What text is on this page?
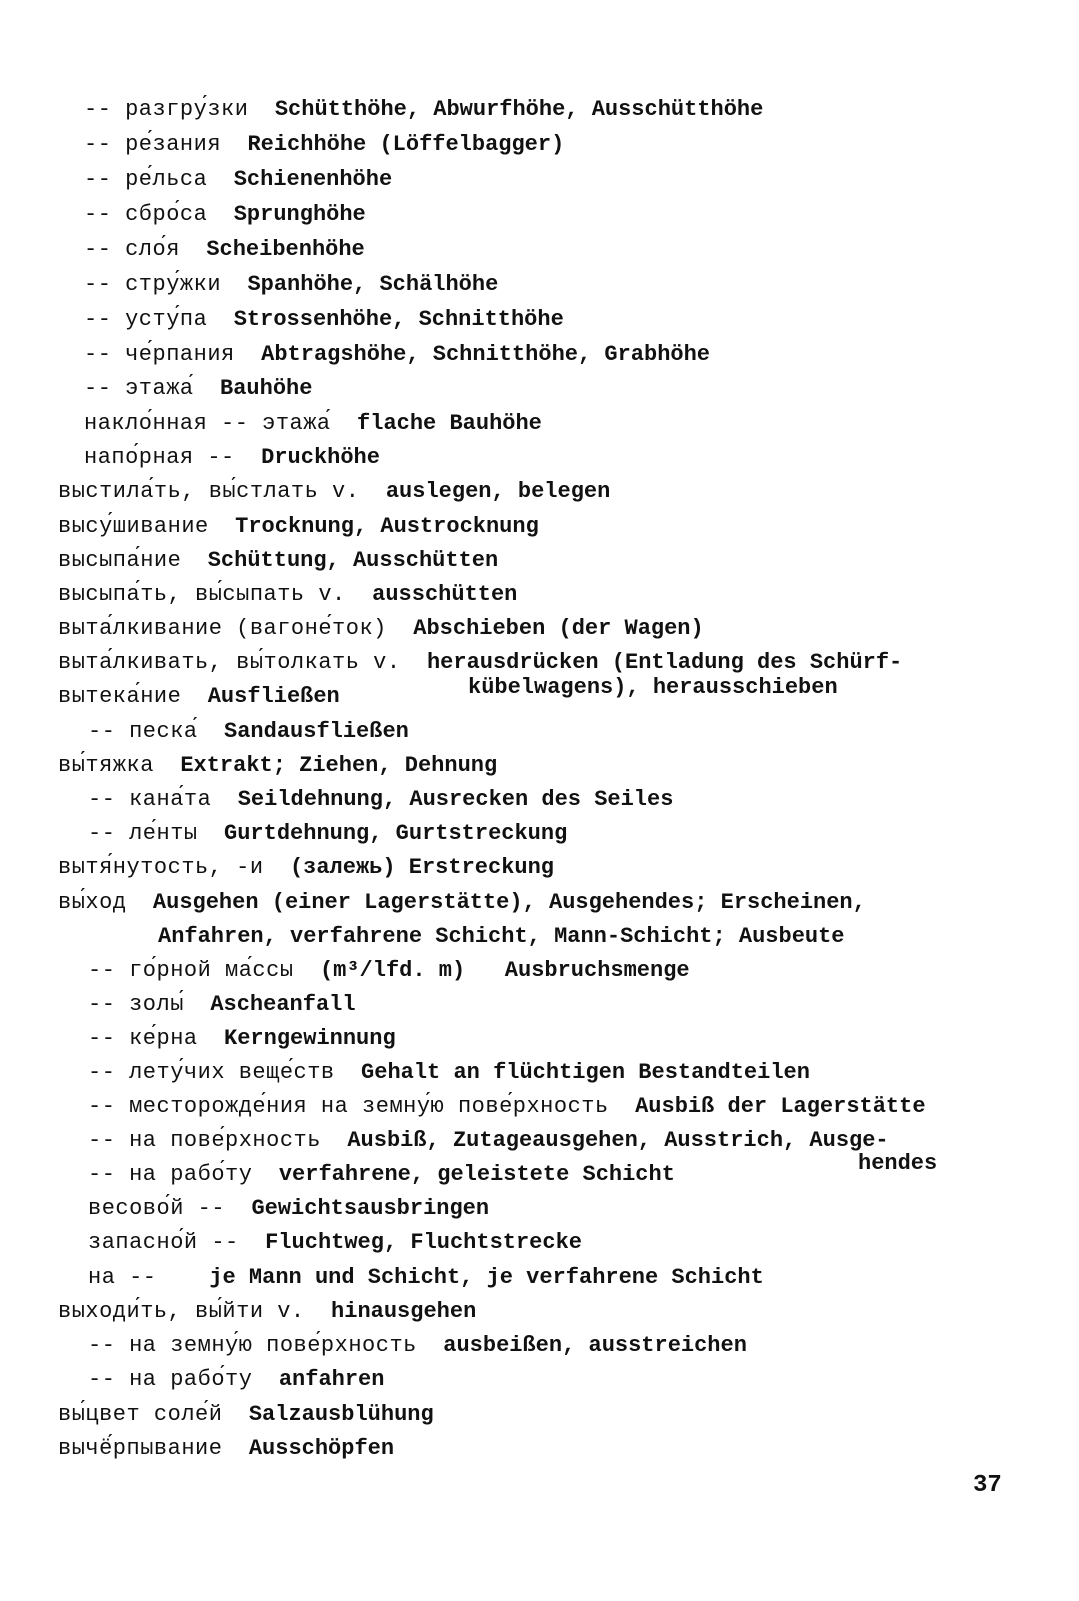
-- разгру́зки Schütthöhe, Abwurfhöhe, Ausschütthöhe
-- ре́зания Reichhöhe (Löffelbagger)
-- ре́льса Schienenhöhe
-- сбро́са Sprunghöhe
-- сло́я Scheibenhöhe
-- стру́жки Spanhöhe, Schälhöhe
-- усту́па Strossenhöhe, Schnitthöhe
-- че́рпания Abtragshöhe, Schnitthöhe, Grabhöhe
-- этажа́ Bauhöhe
накло́нная -- этажа́ flache Bauhöhe
напо́рная -- Druckhöhe
выстила́ть, вы́стлать v. auslegen, belegen
высу́шивание Trocknung, Austrocknung
высыпа́ние Schüttung, Ausschütten
высыпа́ть, вы́сыпать v. ausschütten
выта́лкивание (вагоне́ток) Abschieben (der Wagen)
выта́лкивать, вы́толкать v. herausdrücken (Entladung des Schürf-
вытека́ние Ausfließen	kübelwagens), herausschieben
-- песка́ Sandausfließen
вы́тяжка Extrakt; Ziehen, Dehnung
-- кана́та Seildehnung, Ausrecken des Seiles
-- ле́нты Gurtdehnung, Gurtstreckung
вытя́нутость, -и (залежь) Erstreckung
вы́ход Ausgehen (einer Lagerstätte), Ausgehendes; Erscheinen,
Anfahren, verfahrene Schicht, Mann-Schicht; Ausbeute
-- го́рной ма́ссы (m³/lfd. m)   Ausbruchsmenge
-- золы́ Ascheanfall
-- ке́рна Kerngewinnung
-- лету́чих веще́ств Gehalt an flüchtigen Bestandteilen
-- месторожде́ния на земну́ю пове́рхность Ausbiß der Lagerstätte
-- на пове́рхность Ausbiß, Zutageausgehen, Ausstrich, Ausge-
-- на рабо́ту verfahrene, geleistete Schicht	hendes
весово́й -- Gewichtsausbringen
запасно́й -- Fluchtweg, Fluchtstrecke
на -- je Mann und Schicht, je verfahrene Schicht
выходи́ть, вы́йти v. hinausgehen
-- на земну́ю пове́рхность ausbeißen, ausstreichen
-- на рабо́ту anfahren
вы́цвет соле́й Salzausblühung
вычё́рпывание Ausschöpfen
37
